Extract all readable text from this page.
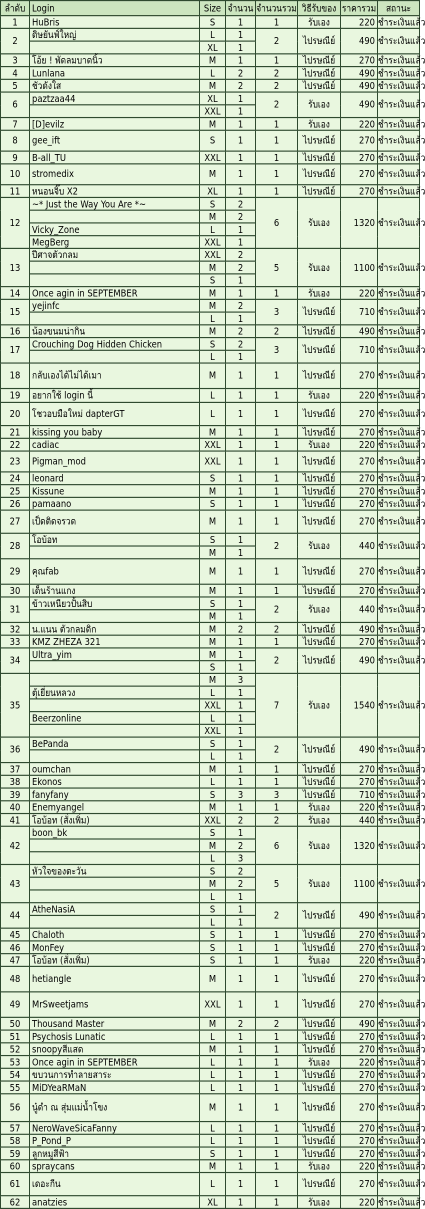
ลำดับ	Login	Size	จำนวน	จำนวนรวม	วิธีรับของ	ราคารวม	สถานะ
1	HuBris	S	1	1	รับเอง	220	ชำระเงินแล้ว
2	ดิษยันฟ์ใหญ่	L	1	2	ไปรษณีย์	490	ชำระเงินแล้ว
		XL	1				
3	โอ้ย ! พัดลมบาดนิ้ว	M	1	1	ไปรษณีย์	270	ชำระเงินแล้ว
4	Lunlana	L	2	2	ไปรษณีย์	490	ชำระเงินแล้ว
5	ชัวดังใส	M	2	2	ไปรษณีย์	490	ชำระเงินแล้ว
6	paztzaa44	XL	1	2	รับเอง	490	ชำระเงินแล้ว
		XXL	1				
7	[D]evilz	M	1	1	รับเอง	220	ชำระเงินแล้ว
8	gee_ift	S	1	1	ไปรษณีย์	270	ชำระเงินแล้ว
9	B-all_TU	XXL	1	1	ไปรษณีย์	270	ชำระเงินแล้ว
10	stromedix	M	1	1	ไปรษณีย์	270	ชำระเงินแล้ว
11	หนอนจิ๊บ X2	XL	1	1	ไปรษณีย์	270	ชำระเงินแล้ว
12	~* Just the Way You Are *~	S	2	6	รับเอง	1320	ชำระเงินแล้ว
		M	2				
	Vicky_Zone	L	1				
	MegBerg	XXL	1				
13	ปีศาจตัวกลม	XXL	2	5	รับเอง	1100	ชำระเงินแล้ว
		M	2				
		S	1				
14	Once agin in SEPTEMBER	M	1	1	รับเอง	220	ชำระเงินแล้ว
15	yejinfc	M	2	3	ไปรษณีย์	710	ชำระเงินแล้ว
		L	1				
16	น้องขนมน่ากิน	M	2	2	ไปรษณีย์	490	ชำระเงินแล้ว
17	Crouching Dog Hidden Chicken	S	2	3	ไปรษณีย์	710	ชำระเงินแล้ว
		L	1				
18	กลับเองได้ไม่ได้เมา	M	1	1	ไปรษณีย์	270	ชำระเงินแล้ว
19	อยากใช้ login นี้	L	1	1	รับเอง	220	ชำระเงินแล้ว
20	โชวอบมือใหม่ dapterGT	L	1	1	ไปรษณีย์	270	ชำระเงินแล้ว
21	kissing you baby	M	1	1	ไปรษณีย์	270	ชำระเงินแล้ว
22	cadiac	XXL	1	1	รับเอง	220	ชำระเงินแล้ว
23	Pigman_mod	XXL	1	1	ไปรษณีย์	270	ชำระเงินแล้ว
24	leonard	S	1	1	ไปรษณีย์	270	ชำระเงินแล้ว
25	Kissune	M	1	1	ไปรษณีย์	270	ชำระเงินแล้ว
26	pamaano	S	1	1	ไปรษณีย์	270	ชำระเงินแล้ว
27	เป็ดติดจรวด	M	1	1	ไปรษณีย์	270	ชำระเงินแล้ว
28	โอบ้อท	S	1	2	รับเอง	440	ชำระเงินแล้ว
		M	1				
29	คุณfab	M	1	1	ไปรษณีย์	270	ชำระเงินแล้ว
30	เด็นร้านแกง	M	1	1	ไปรษณีย์	270	ชำระเงินแล้ว
31	ข้าวเหนียวปั้นสิบ	S	1	2	รับเอง	440	ชำระเงินแล้ว
		M	1				
32	น.แนน ตัวกลมดิก	M	2	2	ไปรษณีย์	490	ชำระเงินแล้ว
33	KMZ ZHEZA 321	M	1	1	ไปรษณีย์	270	ชำระเงินแล้ว
34	Ultra_yim	M	1	2	ไปรษณีย์	490	ชำระเงินแล้ว
		S	1				
35		M	3	7	รับเอง	1540	ชำระเงินแล้ว
	ตุ้เยี่ยนหลวง	L	1				
		XXL	1				
	Beerzonline	L	1				
		XXL	1				
36	BePanda	S	1	2	ไปรษณีย์	490	ชำระเงินแล้ว
		L	1				
37	oumchan	M	1	1	ไปรษณีย์	270	ชำระเงินแล้ว
38	Ekonos	L	1	1	ไปรษณีย์	270	ชำระเงินแล้ว
39	fanyfany	S	3	3	ไปรษณีย์	710	ชำระเงินแล้ว
40	Enemyangel	M	1	1	รับเอง	220	ชำระเงินแล้ว
41	โอบ้อท (สั่งเพิ่ม)	XXL	2	2	รับเอง	440	ชำระเงินแล้ว
42	boon_bk	S	1	6	รับเอง	1320	ชำระเงินแล้ว
		M	2				
		L	3				
43	หัวใจของตะวัน	S	2	5	รับเอง	1100	ชำระเงินแล้ว
		M	2				
		L	1				
44	AtheNasiA	S	1	2	ไปรษณีย์	490	ชำระเงินแล้ว
		L	1				
45	Chaloth	S	1	1	ไปรษณีย์	270	ชำระเงินแล้ว
46	MonFey	S	1	1	ไปรษณีย์	270	ชำระเงินแล้ว
47	โอบ้อท (สั่งเพิ่ม)	S	1	1	รับเอง	220	ชำระเงินแล้ว
48	hetiangle	M	1	1	ไปรษณีย์	270	ชำระเงินแล้ว
49	MrSweetjams	XXL	1	1	ไปรษณีย์	270	ชำระเงินแล้ว
50	Thousand Master	M	2	2	ไปรษณีย์	490	ชำระเงินแล้ว
51	Psychosis Lunatic	L	1	1	ไปรษณีย์	270	ชำระเงินแล้ว
52	snoopyสีแสด	M	1	1	ไปรษณีย์	270	ชำระเงินแล้ว
53	Once agin in SEPTEMBER	L	1	1	รับเอง	220	ชำระเงินแล้ว
54	ขบวนการทำลายสาระ	L	1	1	ไปรษณีย์	270	ชำระเงินแล้ว
55	MiDYeaRMaN	L	1	1	ไปรษณีย์	270	ชำระเงินแล้ว
56	นู๋ดำ ณ สุ่มแม่น้ำโขง	M	1	1	ไปรษณีย์	270	ชำระเงินแล้ว
57	NeroWaveSicaFanny	L	1	1	ไปรษณีย์	270	ชำระเงินแล้ว
58	P_Pond_P	L	1	1	ไปรษณีย์	270	ชำระเงินแล้ว
59	ลูกหมูสีฟ้า	S	1	1	ไปรษณีย์	270	ชำระเงินแล้ว
60	spraycans	M	1	1	รับเอง	220	ชำระเงินแล้ว
61	เดอะกีน	L	1	1	ไปรษณีย์	270	ชำระเงินแล้ว
62	anatzies	XL	1	1	รับเอง	220	ชำระเงินแล้ว
